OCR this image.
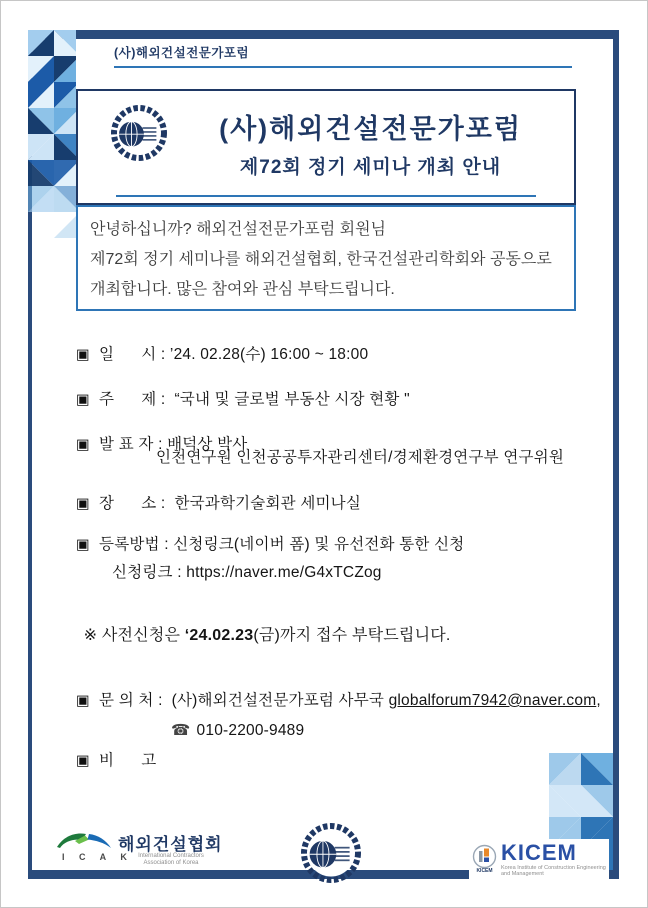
(사)해외건설전문가포럼
(사)해외건설전문가포럼
제72회 정기 세미나 개최 안내

안녕하십니까? 해외건설전문가포럼 회원님

제72회 정기 세미나를 해외건설협회, 한국건설관리학회와 공동으로

개최합니다. 많은 참여와 관심 부탁드립니다.

▣ 일      시 : ’24. 02.28(수) 16:00 ~ 18:00

▣ 주      제 :  “국내 및 글로벌 부동산 시장 현황 "

▣ 발 표 자 : 배덕상 박사

인천연구원 인천공공투자관리센터/경제환경연구부 연구위원

▣ 장      소 :  한국과학기술회관 세미나실

▣ 등록방법 : 신청링크(네이버 폼) 및 유선전화 통한 신청

신청링크 : https://naver.me/G4xTCZog

※ 사전신청은 ‘24.02.23(금)까지 접수 부탁드립니다.

▣ 문 의 처 :  (사)해외건설전문가포럼 사무국 globalforum7942@naver.com,

☎ 010-2200-9489

▣ 비      고

I C A K
해외건설협회
International Contractors
Association of Korea
KICEM
KICEM
Korea Institute of Construction Engineering and Management
